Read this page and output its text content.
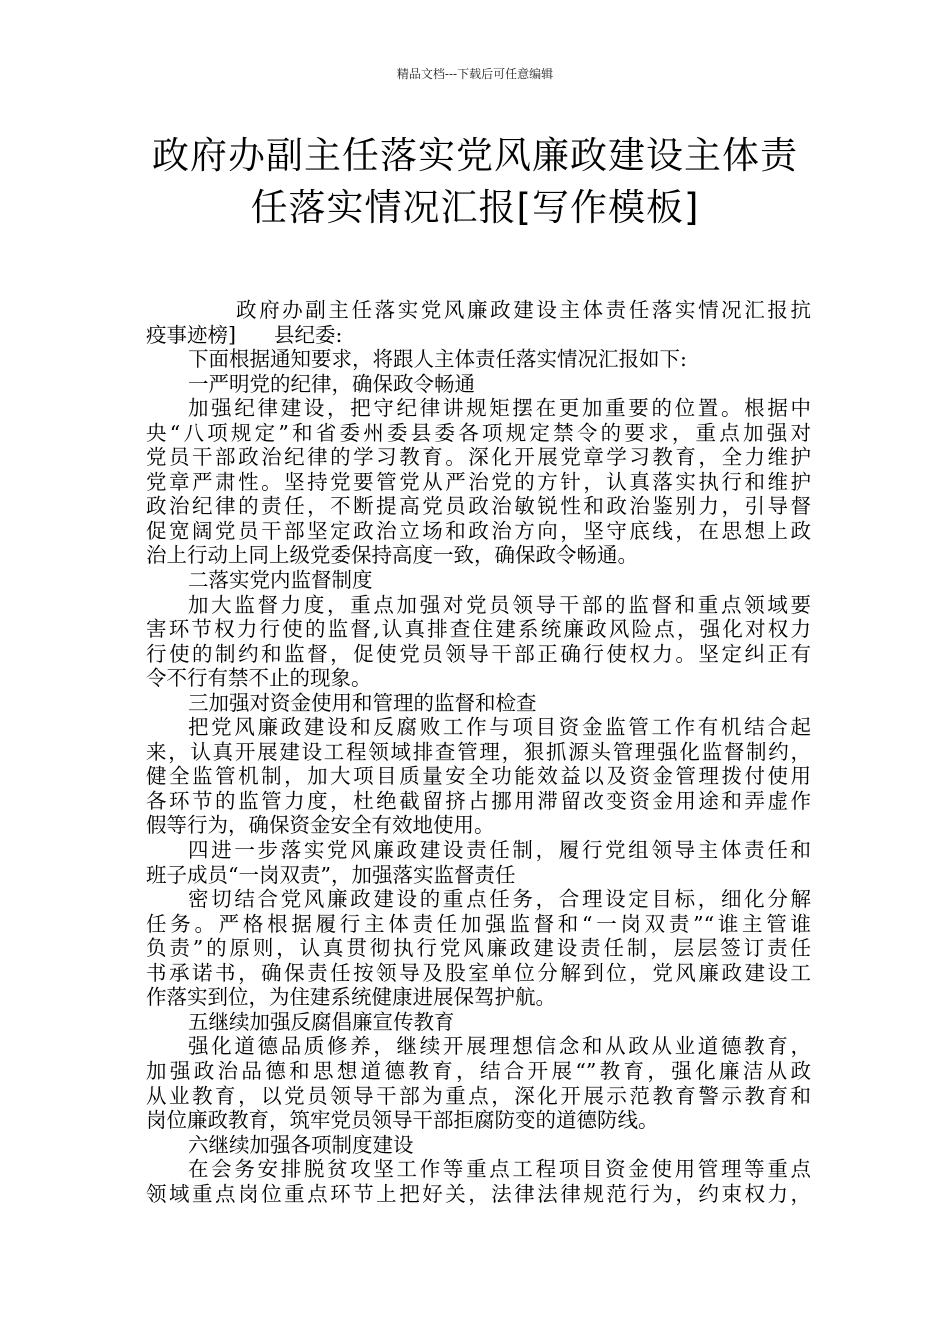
精品文档---下载后可任意编辑
政府办副主任落实党风廉政建设主体责
任落实情况汇报[写作模板]
政府办副主任落实党风廉政建设主体责任落实情况汇报抗
疫事迹榜] 县纪委:
下面根据通知要求，将跟人主体责任落实情况汇报如下:
一严明党的纪律，确保政令畅通
加强纪律建设，把守纪律讲规矩摆在更加重要的位置。根据中
央“八项规定”和省委州委县委各项规定禁令的要求，重点加强对
党员干部政治纪律的学习教育。深化开展党章学习教育，全力维护
党章严肃性。坚持党要管党从严治党的方针，认真落实执行和维护
政治纪律的责任，不断提高党员政治敏锐性和政治鉴别力，引导督
促宽阔党员干部坚定政治立场和政治方向，坚守底线，在思想上政
治上行动上同上级党委保持高度一致，确保政令畅通。
二落实党内监督制度
加大监督力度，重点加强对党员领导干部的监督和重点领域要
害环节权力行使的监督,认真排查住建系统廉政风险点，强化对权力
行使的制约和监督，促使党员领导干部正确行使权力。坚定纠正有
令不行有禁不止的现象。
三加强对资金使用和管理的监督和检查
把党风廉政建设和反腐败工作与项目资金监管工作有机结合起
来，认真开展建设工程领域排查管理，狠抓源头管理强化监督制约，
健全监管机制，加大项目质量安全功能效益以及资金管理拨付使用
各环节的监管力度，杜绝截留挤占挪用滞留改变资金用途和弄虚作
假等行为，确保资金安全有效地使用。
四进一步落实党风廉政建设责任制，履行党组领导主体责任和
班子成员“一岗双责”，加强落实监督责任
密切结合党风廉政建设的重点任务，合理设定目标，细化分解
任务。严格根据履行主体责任加强监督和“一岗双责”“谁主管谁
负责”的原则，认真贯彻执行党风廉政建设责任制，层层签订责任
书承诺书，确保责任按领导及股室单位分解到位，党风廉政建设工
作落实到位，为住建系统健康进展保驾护航。
五继续加强反腐倡廉宣传教育
强化道德品质修养，继续开展理想信念和从政从业道德教育，
加强政治品德和思想道德教育，结合开展“”教育，强化廉洁从政
从业教育，以党员领导干部为重点，深化开展示范教育警示教育和
岗位廉政教育，筑牢党员领导干部拒腐防变的道德防线。
六继续加强各项制度建设
在会务安排脱贫攻坚工作等重点工程项目资金使用管理等重点
领域重点岗位重点环节上把好关，法律法律规范行为，约束权力，
